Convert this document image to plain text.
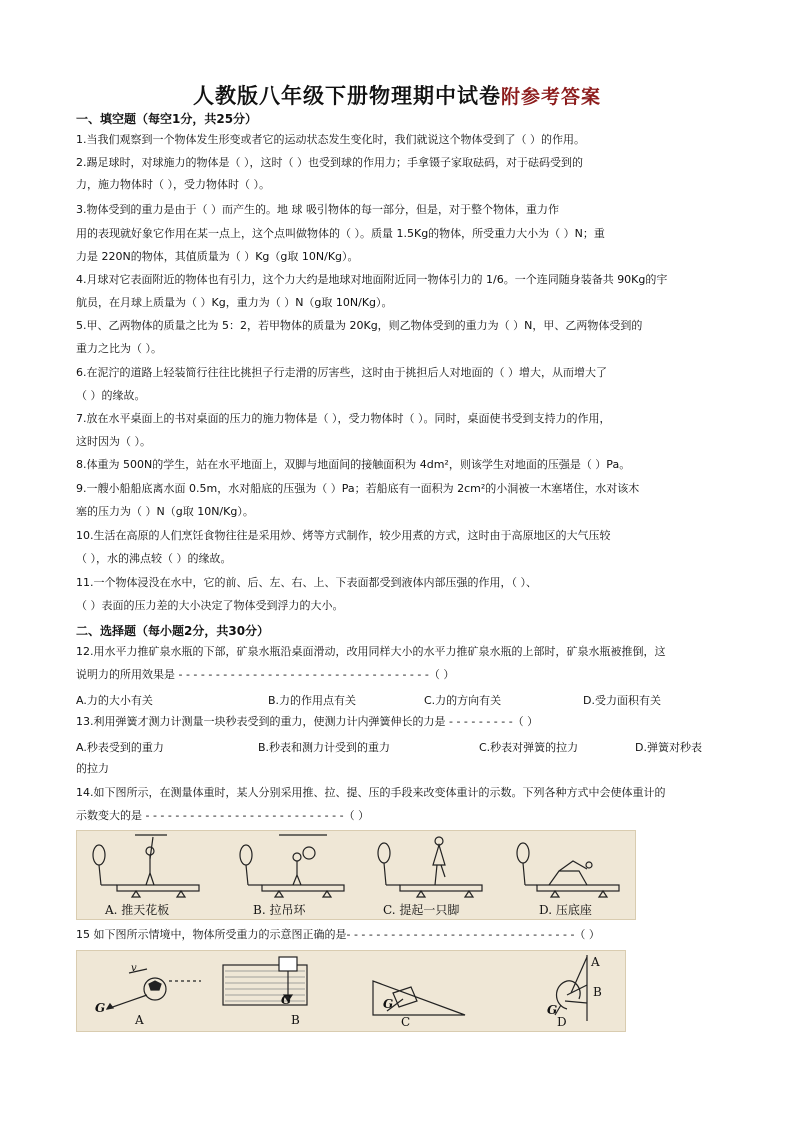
人教版八年级下册物理期中试卷附参考答案
一、填空题（每空1分，共25分）
1.当我们观察到一个物体发生形变或者它的运动状态发生变化时，我们就说这个物体受到了（ ）的作用。
2.踢足球时，对球施力的物体是（ ），这时（ ）也受到球的作用力；手拿镊子家取砝码，对于砝码受到的
力，施力物体时（ ），受力物体时（ ）。
3.物体受到的重力是由于（ ）而产生的。地 球 吸引物体的每一部分，但是，对于整个物体，重力作
用的表现就好象它作用在某一点上，这个点叫做物体的（ ）。质量 1.5Kg的物体，所受重力大小为（ ）N；重
力是 220N的物体，其值质量为（ ）Kg（g取 10N/Kg）。
4.月球对它表面附近的物体也有引力，这个力大约是地球对地面附近同一物体引力的 1/6。一个连同随身装备共 90Kg的宇
航员，在月球上质量为（ ）Kg，重力为（ ）N（g取 10N/Kg）。
5.甲、乙两物体的质量之比为 5：2，若甲物体的质量为 20Kg，则乙物体受到的重力为（ ）N，甲、乙两物体受到的
重力之比为（ ）。
6.在泥泞的道路上轻装简行往往比挑担子行走滑的厉害些，这时由于挑担后人对地面的（ ）增大，从而增大了
（ ）的缘故。
7.放在水平桌面上的书对桌面的压力的施力物体是（ ），受力物体时（ ）。同时，桌面使书受到支持力的作用，
这时因为（ ）。
8.体重为 500N的学生，站在水平地面上，双脚与地面间的接触面积为 4dm²，则该学生对地面的压强是（ ）Pa。
9.一艘小船船底离水面 0.5m，水对船底的压强为（ ）Pa；若船底有一面积为 2cm²的小洞被一木塞堵住，水对该木
塞的压力为（ ）N（g取 10N/Kg）。
10.生活在高原的人们烹饪食物往往是采用炒、烤等方式制作，较少用煮的方式，这时由于高原地区的大气压较
（ ），水的沸点较（ ）的缘故。
11.一个物体浸没在水中，它的前、后、左、右、上、下表面都受到液体内部压强的作用，（ ）、
（ ）表面的压力差的大小决定了物体受到浮力的大小。
二、选择题（每小题2分，共30分）
12.用水平力推矿泉水瓶的下部，矿泉水瓶沿桌面滑动，改用同样大小的水平力推矿泉水瓶的上部时，矿泉水瓶被推倒，这
说明力的所用效果是 - - - - - - - - - - - - - - - - - - - - - - - - - - - - - - - - - -（ ）
A.力的大小有关	B.力的作用点有关	C.力的方向有关	D.受力面积有关
13.利用弹簧才测力计测量一块秒表受到的重力，使测力计内弹簧伸长的力是 - - - - - - - - -（ ）
A.秒表受到的重力	B.秒表和测力计受到的重力	C.秒表对弹簧的拉力	D.弹簧对秒表
的拉力
14.如下图所示，在测量体重时，某人分别采用推、拉、提、压的手段来改变体重计的示数。下列各种方式中会使体重计的
示数变大的是 - - - - - - - - - - - - - - - - - - - - - - - - - - -（ ）
A. 推天花板	B. 拉吊环	C. 提起一只脚	D. 压底座
15 如下图所示情境中，物体所受重力的示意图正确的是- - - - - - - - - - - - - - - - - - - - - - - - - - - - - - -（ ）
v
G
A
G
B
G
C
G
A
B
D
